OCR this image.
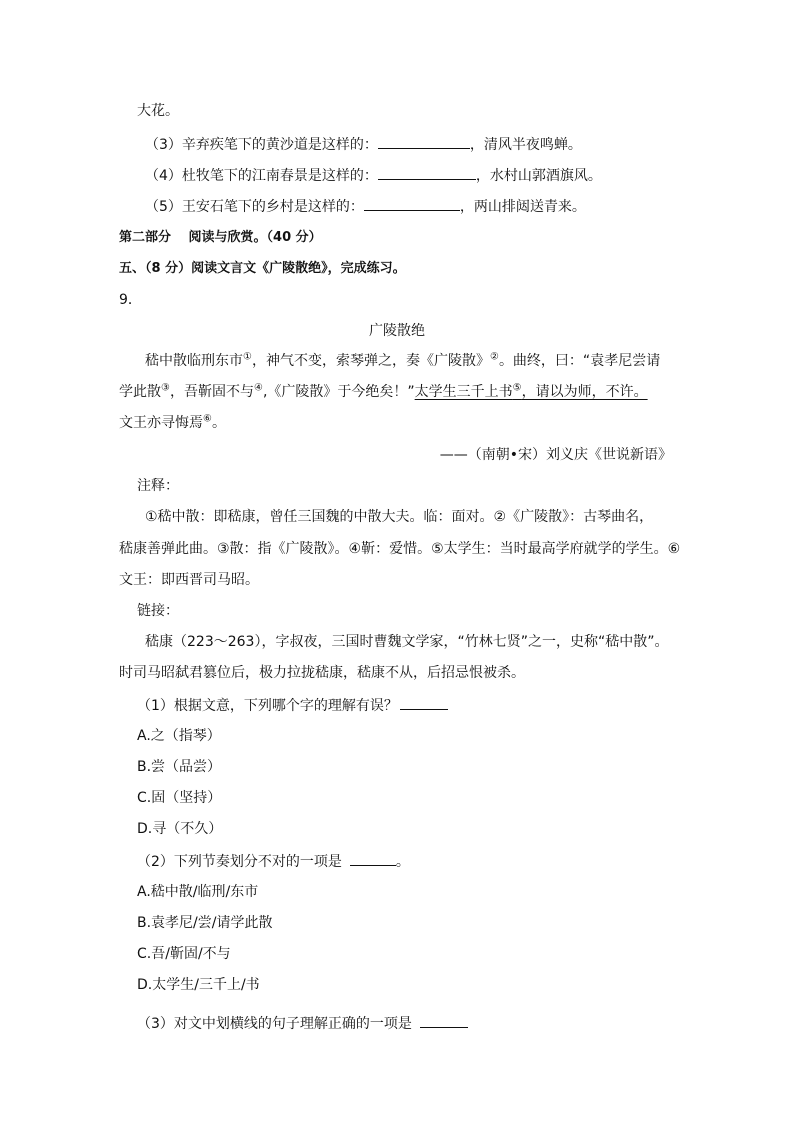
大花。
（3）辛弃疾笔下的黄沙道是这样的：	，清风半夜鸣蝉。
（4）杜牧笔下的江南春景是这样的：	，水村山郭酒旗风。
（5）王安石笔下的乡村是这样的：	，两山排闼送青来。
第二部分　 阅读与欣赏。（40 分）
五、（8 分）阅读文言文《广陵散绝》，完成练习。
9．
广陵散绝
嵇中散临刑东市①，神气不变，索琴弹之，奏《广陵散》②。曲终，曰：“袁孝尼尝请
学此散③，吾靳固不与④,《广陵散》于今绝矣！”太学生三千上书⑤，请以为师，不许。
文王亦寻悔焉⑥。
——（南朝•宋）刘义庆《世说新语》
注释：
①嵇中散：即嵇康，曾任三国魏的中散大夫。临：面对。②《广陵散》：古琴曲名，
嵇康善弹此曲。③散：指《广陵散》。④靳：爱惜。⑤太学生：当时最高学府就学的学生。⑥
文王：即西晋司马昭。
链接：
嵇康（223～263），字叔夜，三国时曹魏文学家，“竹林七贤”之一，史称“嵇中散”。
时司马昭弑君篡位后，极力拉拢嵇康，嵇康不从，后招忌恨被杀。
（1）根据文意，下列哪个字的理解有误？
A.之（指琴）
B.尝（品尝）
C.固（坚持）
D.寻（不久）
（2）下列节奏划分不对的一项是	。
A.嵇中散/临刑/东市
B.袁孝尼/尝/请学此散
C.吾/靳固/不与
D.太学生/三千上/书
（3）对文中划横线的句子理解正确的一项是
